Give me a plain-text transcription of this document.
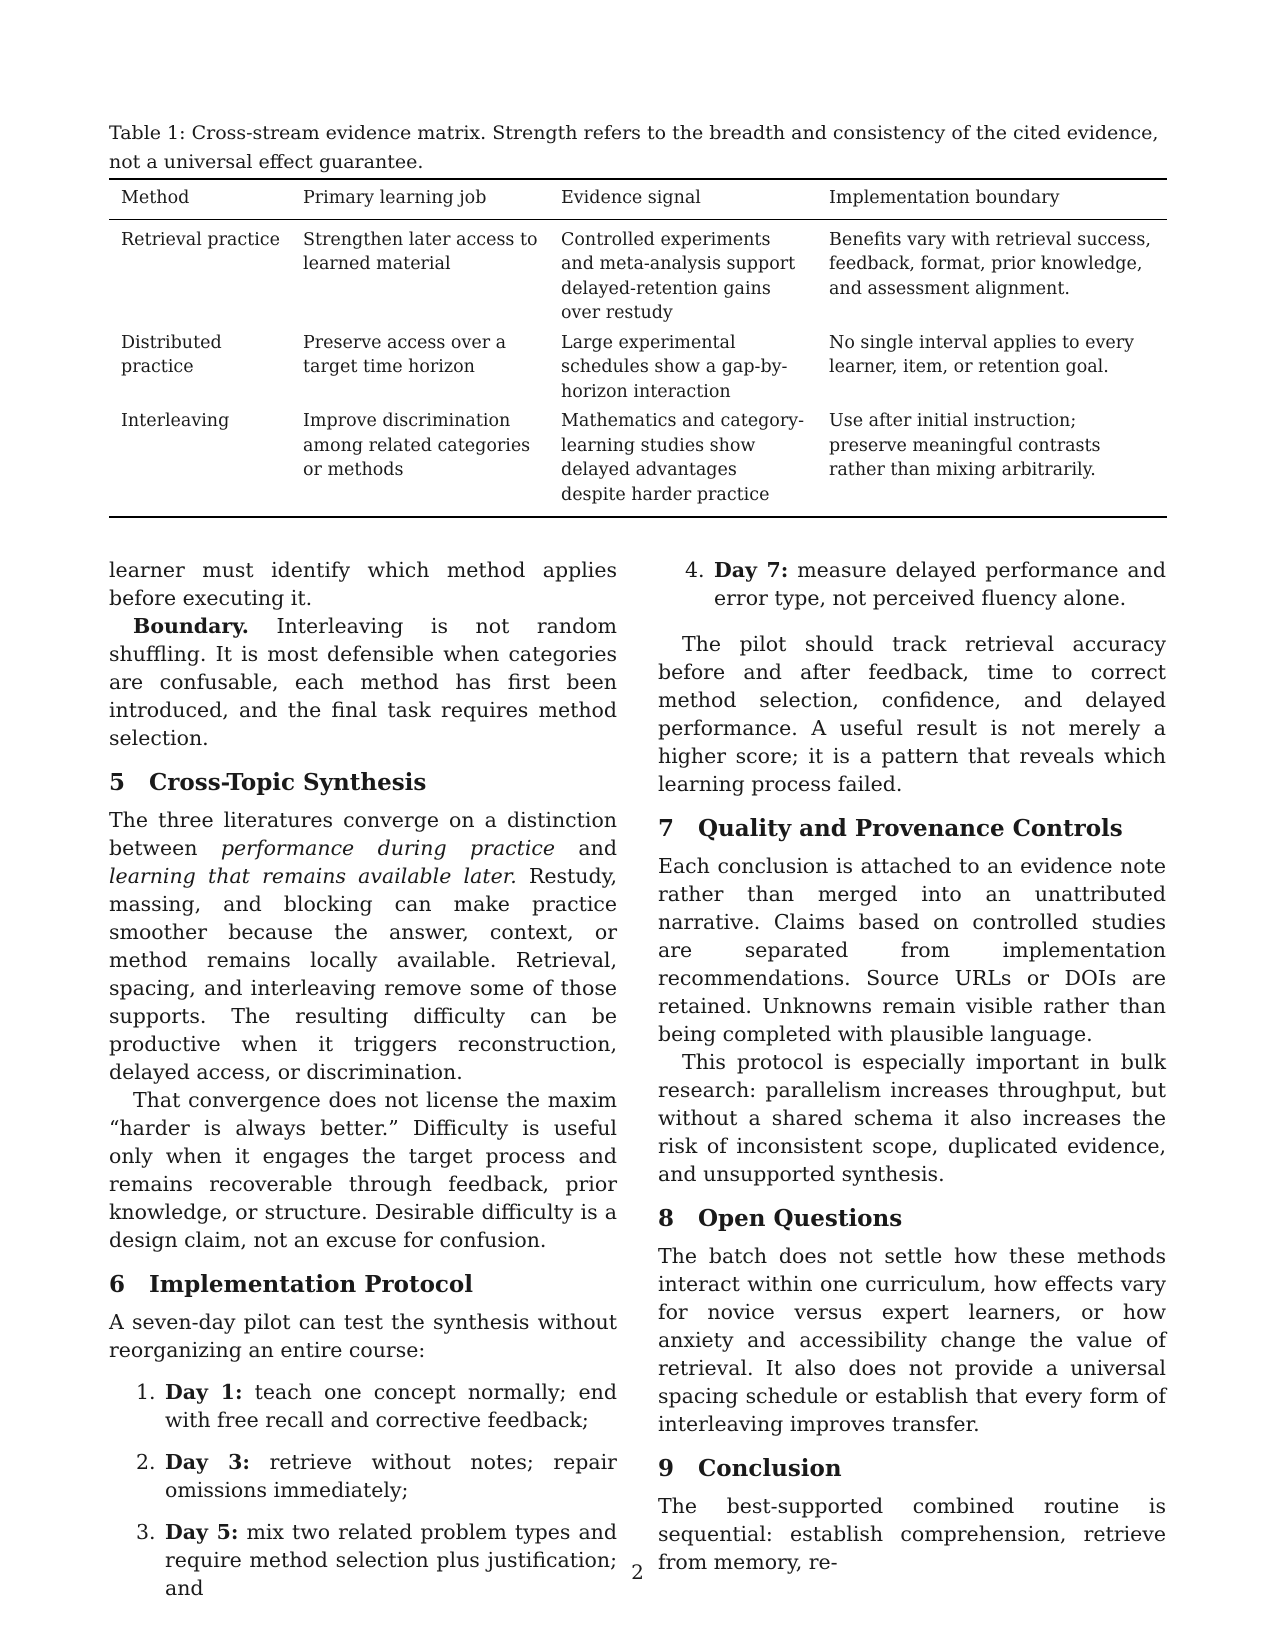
Table 1: Cross-stream evidence matrix. Strength refers to the breadth and consistency of the cited evidence, not a universal effect guarantee.

Method	Primary learning job	Evidence signal	Implementation boundary
Retrieval practice	Strengthen later access to learned material	Controlled experiments and meta-analysis support delayed-retention gains over restudy	Benefits vary with retrieval success, feedback, format, prior knowledge, and assessment alignment.
Distributed practice	Preserve access over a target time horizon	Large experimental schedules show a gap-by-horizon interaction	No single interval applies to every learner, item, or retention goal.
Interleaving	Improve discrimination among related categories or methods	Mathematics and category-learning studies show delayed advantages despite harder practice	Use after initial instruction; preserve meaningful contrasts rather than mixing arbitrarily.

learner must identify which method applies before executing it.

Boundary. Interleaving is not random shuffling. It is most defensible when categories are confusable, each method has first been introduced, and the final task requires method selection.

5 Cross-Topic Synthesis

The three literatures converge on a distinction between performance during practice and learning that remains available later. Restudy, massing, and blocking can make practice smoother because the answer, context, or method remains locally available. Retrieval, spacing, and interleaving remove some of those supports. The resulting difficulty can be productive when it triggers reconstruction, delayed access, or discrimination.

That convergence does not license the maxim “harder is always better.” Difficulty is useful only when it engages the target process and remains recoverable through feedback, prior knowledge, or structure. Desirable difficulty is a design claim, not an excuse for confusion.

6 Implementation Protocol

A seven-day pilot can test the synthesis without reorganizing an entire course:

1. Day 1: teach one concept normally; end with free recall and corrective feedback;
2. Day 3: retrieve without notes; repair omissions immediately;
3. Day 5: mix two related problem types and require method selection plus justification; and
4. Day 7: measure delayed performance and error type, not perceived fluency alone.

The pilot should track retrieval accuracy before and after feedback, time to correct method selection, confidence, and delayed performance. A useful result is not merely a higher score; it is a pattern that reveals which learning process failed.

7 Quality and Provenance Controls

Each conclusion is attached to an evidence note rather than merged into an unattributed narrative. Claims based on controlled studies are separated from implementation recommendations. Source URLs or DOIs are retained. Unknowns remain visible rather than being completed with plausible language.

This protocol is especially important in bulk research: parallelism increases throughput, but without a shared schema it also increases the risk of inconsistent scope, duplicated evidence, and unsupported synthesis.

8 Open Questions

The batch does not settle how these methods interact within one curriculum, how effects vary for novice versus expert learners, or how anxiety and accessibility change the value of retrieval. It also does not provide a universal spacing schedule or establish that every form of interleaving improves transfer.

9 Conclusion

The best-supported combined routine is sequential: establish comprehension, retrieve from memory, re-

2
